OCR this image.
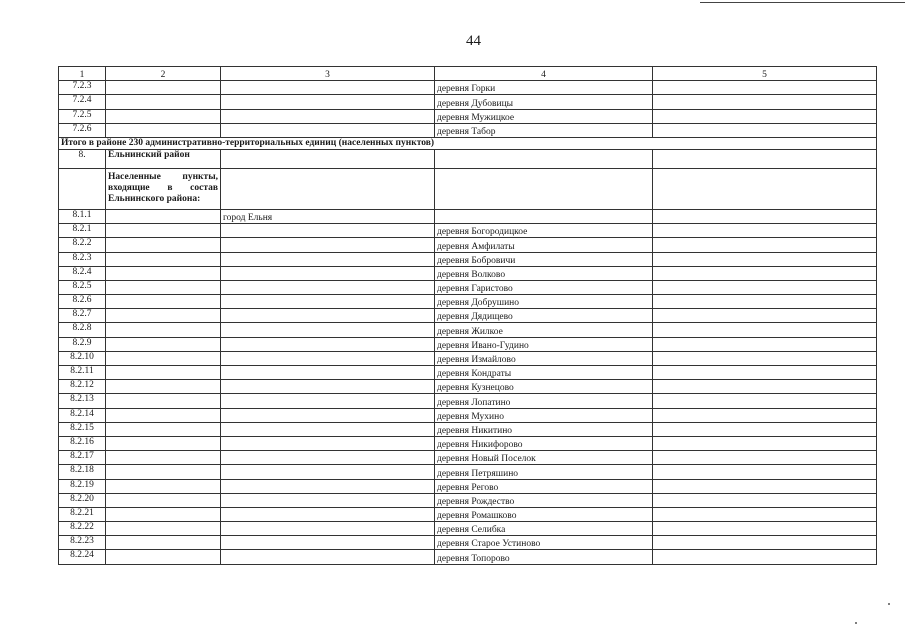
44
1	2	3	4	5
7.2.3			деревня Горки	
7.2.4			деревня Дубовицы	
7.2.5			деревня Мужицкое	
7.2.6			деревня Табор	
Итого в районе 230 административно-территориальных единиц (населенных пунктов)				
8.	Ельнинский район			
	Населенные пункты, входящие в состав Ельнинского района:			
8.1.1		город Ельня		
8.2.1			деревня Богородицкое	
8.2.2			деревня Амфилаты	
8.2.3			деревня Бобровичи	
8.2.4			деревня Волково	
8.2.5			деревня Гаристово	
8.2.6			деревня Добрушино	
8.2.7			деревня Дядищево	
8.2.8			деревня Жилкое	
8.2.9			деревня Ивано-Гудино	
8.2.10			деревня Измайлово	
8.2.11			деревня Кондраты	
8.2.12			деревня Кузнецово	
8.2.13			деревня Лопатино	
8.2.14			деревня Мухино	
8.2.15			деревня Никитино	
8.2.16			деревня Никифорово	
8.2.17			деревня Новый Поселок	
8.2.18			деревня Петряшино	
8.2.19			деревня Регово	
8.2.20			деревня Рождество	
8.2.21			деревня Ромашково	
8.2.22			деревня Селибка	
8.2.23			деревня Старое Устиново	
8.2.24			деревня Топорово	
